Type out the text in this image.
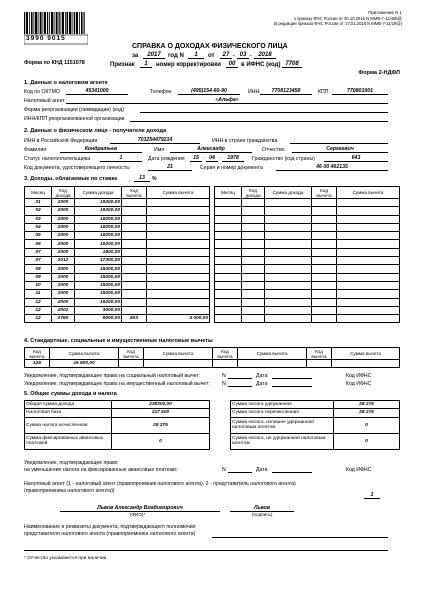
3990 9015
Приложение N 1
к приказу ФНС России от 30.10.2015 N ММВ-7-11/485@
(в редакции приказа ФНС России от 17.01.2018 N ММВ-7-11/19@)
Форма по КНД 1151078
СПРАВКА О ДОХОДАХ ФИЗИЧЕСКОГО ЛИЦА
за	2017	год N	1	от	27 . 03 .	2018
Признак	1	номер корректировки	00 в ИФНС (код) 7708
Форма 2-НДФЛ
1. Данные о налоговом агенте
Код по ОКТМО	45341000	Телефон	(495)154-60-90	ИНН	7708123458	КПП	770801001
Налоговый агент	«Альфа»
Форма реорганизации (ликвидации) (код)
ИНН/КПП реорганизованной организации
2. Данные о физическом лице - получателе дохода
ИНН в Российской Федерации	703254479214	ИНН в стране гражданства
Фамилия	Кондратьев	Имя	Александр	Отчество	Сергеевич
Статус налогоплательщика	1	Дата рождения	15 . 04 .	1978	Гражданство (код страны)	643
Код документа, удостоверяющего личность:	21	Серия и номер документа	46 00 462135
3. Доходы, облагаемые по ставке	13	%
Месяц	Код дохода	Сумма дохода	Код вычета	Сумма вычета
01	2000	19200,00		
02	2000	19200,00		
03	2000	19200,00		
04	2000	19200,00		
05	2000	19200,00		
06	2000	19200,00		
07	2000	1800,00		
07	2012	17300,00		
08	2000	19200,00		
09	2000	19200,00		
10	2000	19200,00		
11	2000	19200,00		
12	2000	19200,00		
12	2002	3000,00		
12	2760	5000,00	503	4 000,00
Месяц	Код дохода	Сумма дохода	Код вычета	Сумма вычета

4. Стандартные, социальные и имущественные налоговые вычеты
Код вычета	Сумма вычета	Код вычета	Сумма вычета	Код вычета	Сумма вычета	Код вычета	Сумма вычета
126	16 800,00						
Уведомление, подтверждающее право на социальный налоговый вычет:
Уведомление, подтверждающее право на имущественный налоговый вычет:
N	Дата	Код ИФНС
N	Дата	Код ИФНС
5. Общие суммы дохода и налога
Общая сумма дохода	238300,00
Налоговая база	217 500
Сумма налога исчисленная	28 275
Сумма фиксированных авансовых платежей	0
Сумма налога удержанная	28 275
Сумма налога перечисленная	28 275
Сумма налога, излишне удержанная налоговым агентом	0
Сумма налога, не удержанная налоговым агентом	0
Уведомление, подтверждающее право
на уменьшение налога на фиксированные авансовые платежи:	N	Дата	Код ИФНС
Налоговый агент (1 - налоговый агент (правопреемник налогового агента), 2 - представитель налогового агента)
(правопреемника налогового агента))
1
Львов Александр Владимирович
(ФИО)*
Львов
(подпись)
Наименование и реквизиты документа, подтверждающего полномочия
представителя налогового агента (правопреемника налогового агента)
* Отчество указывается при наличии.
